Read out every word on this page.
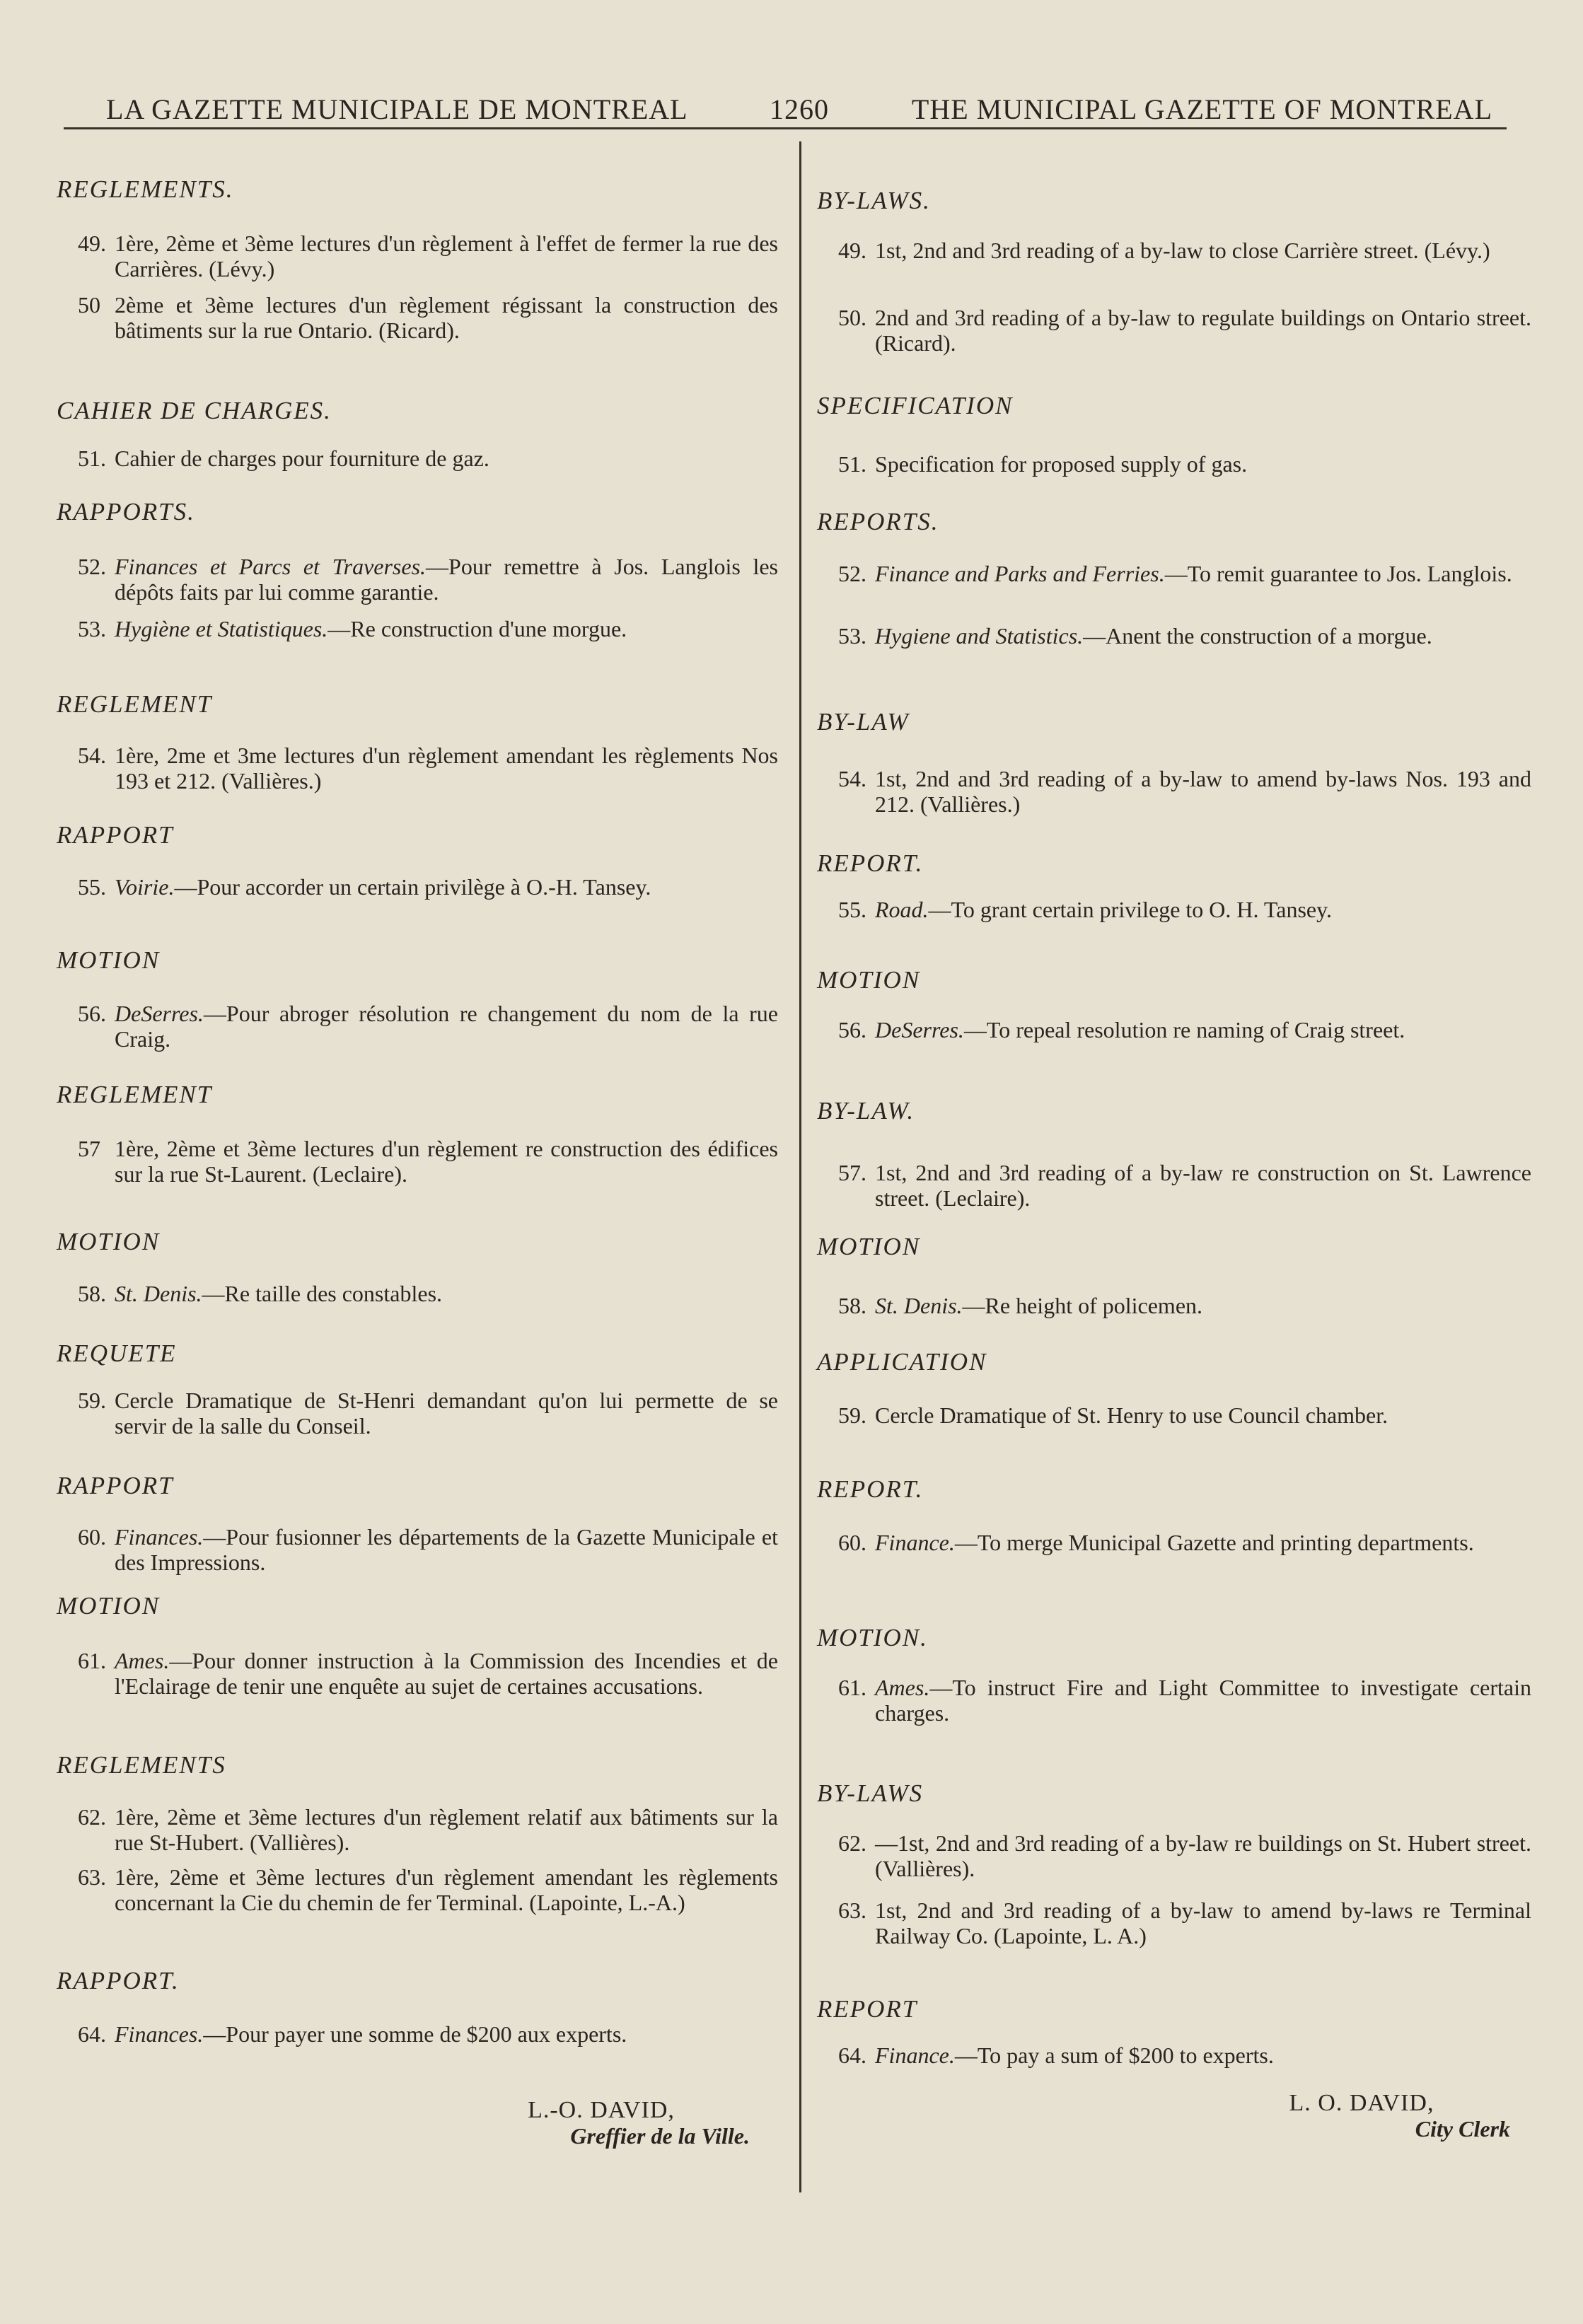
LA GAZETTE MUNICIPALE DE MONTREAL	1260	THE MUNICIPAL GAZETTE OF MONTREAL
REGLEMENTS.
CAHIER DE CHARGES.
RAPPORTS.
REGLEMENT
RAPPORT
MOTION
REGLEMENT
MOTION
REQUETE
RAPPORT
MOTION
REGLEMENTS
RAPPORT.
49. 1ère, 2ème et 3ème lectures d'un règlement à l'effet de fermer la rue des Carrières. (Lévy.)
50 2ème et 3ème lectures d'un règlement régissant la construction des bâtiments sur la rue Ontario. (Ricard).
51. Cahier de charges pour fourniture de gaz.
52. Finances et Parcs et Traverses.—Pour remettre à Jos. Langlois les dépôts faits par lui comme garantie.
53. Hygiène et Statistiques.—Re construction d'une morgue.
54. 1ère, 2me et 3me lectures d'un règlement amendant les règlements Nos 193 et 212. (Vallières.)
55. Voirie.—Pour accorder un certain privilège à O.-H. Tansey.
56. DeSerres.—Pour abroger résolution re changement du nom de la rue Craig.
57 1ère, 2ème et 3ème lectures d'un règlement re construction des édifices sur la rue St-Laurent. (Leclaire).
58. St. Denis.—Re taille des constables.
59. Cercle Dramatique de St-Henri demandant qu'on lui permette de se servir de la salle du Conseil.
60. Finances.—Pour fusionner les départements de la Gazette Municipale et des Impressions.
61. Ames.—Pour donner instruction à la Commission des Incendies et de l'Eclairage de tenir une enquête au sujet de certaines accusations.
62. 1ère, 2ème et 3ème lectures d'un règlement relatif aux bâtiments sur la rue St-Hubert. (Vallières).
63. 1ère, 2ème et 3ème lectures d'un règlement amendant les règlements concernant la Cie du chemin de fer Terminal. (Lapointe, L.-A.)
64. Finances.—Pour payer une somme de $200 aux experts.
L.-O. DAVID,
Greffier de la Ville.
BY-LAWS.
SPECIFICATION
REPORTS.
BY-LAW
REPORT.
MOTION
BY-LAW.
MOTION
APPLICATION
REPORT.
MOTION.
BY-LAWS
REPORT
49. 1st, 2nd and 3rd reading of a by-law to close Carrière street. (Lévy.)
50. 2nd and 3rd reading of a by-law to regulate buildings on Ontario street. (Ricard).
51. Specification for proposed supply of gas.
52. Finance and Parks and Ferries.—To remit guarantee to Jos. Langlois.
53. Hygiene and Statistics.—Anent the construction of a morgue.
54. 1st, 2nd and 3rd reading of a by-law to amend by-laws Nos. 193 and 212. (Vallières.)
55. Road.—To grant certain privilege to O. H. Tansey.
56. DeSerres.—To repeal resolution re naming of Craig street.
57. 1st, 2nd and 3rd reading of a by-law re construction on St. Lawrence street. (Leclaire).
58. St. Denis.—Re height of policemen.
59. Cercle Dramatique of St. Henry to use Council chamber.
60. Finance.—To merge Municipal Gazette and printing departments.
61. Ames.—To instruct Fire and Light Committee to investigate certain charges.
62. —1st, 2nd and 3rd reading of a by-law re buildings on St. Hubert street. (Vallières).
63. 1st, 2nd and 3rd reading of a by-law to amend by-laws re Terminal Railway Co. (Lapointe, L. A.)
64. Finance.—To pay a sum of $200 to experts.
L. O. DAVID,
City Clerk
